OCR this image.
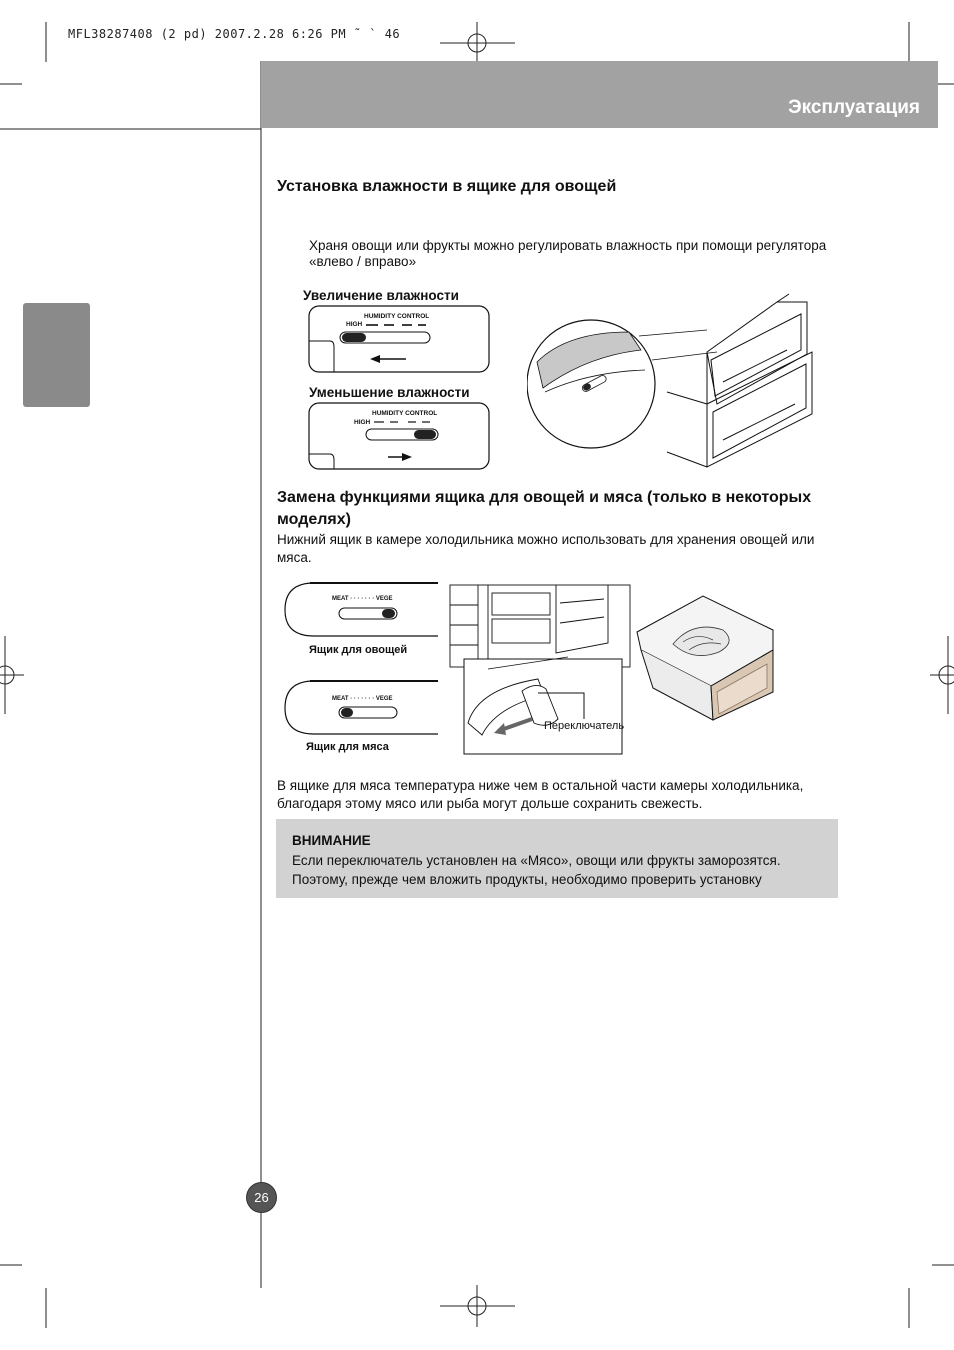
MFL38287408 (2 pd) 2007.2.28 6:26 PM ˜ ` 46
Эксплуатация
Установка влажности в ящике для овощей
Храня овощи или фрукты можно регулировать влажность при помощи регулятора
«влево / вправо»
Увеличение влажности
HUMIDITY CONTROL
HIGH
Уменьшение влажности
HUMIDITY CONTROL
HIGH
Замена функциями ящика для овощей и мяса (только в некоторых
моделях)
Нижний ящик в камере холодильника можно использовать для хранения овощей или
мяса.
MEAT · · · · · · · VEGE
Ящик для овощей
MEAT · · · · · · · VEGE
Ящик для мяса
Переключатель
В ящике для мяса температура ниже чем в остальной части камеры холодильника,
благодаря этому мясо или рыба могут дольше сохранить свежесть.
ВНИМАНИЕ
Если переключатель установлен на «Мясо», овощи или фрукты заморозятся.
Поэтому, прежде чем вложить продукты, необходимо проверить установку
26
